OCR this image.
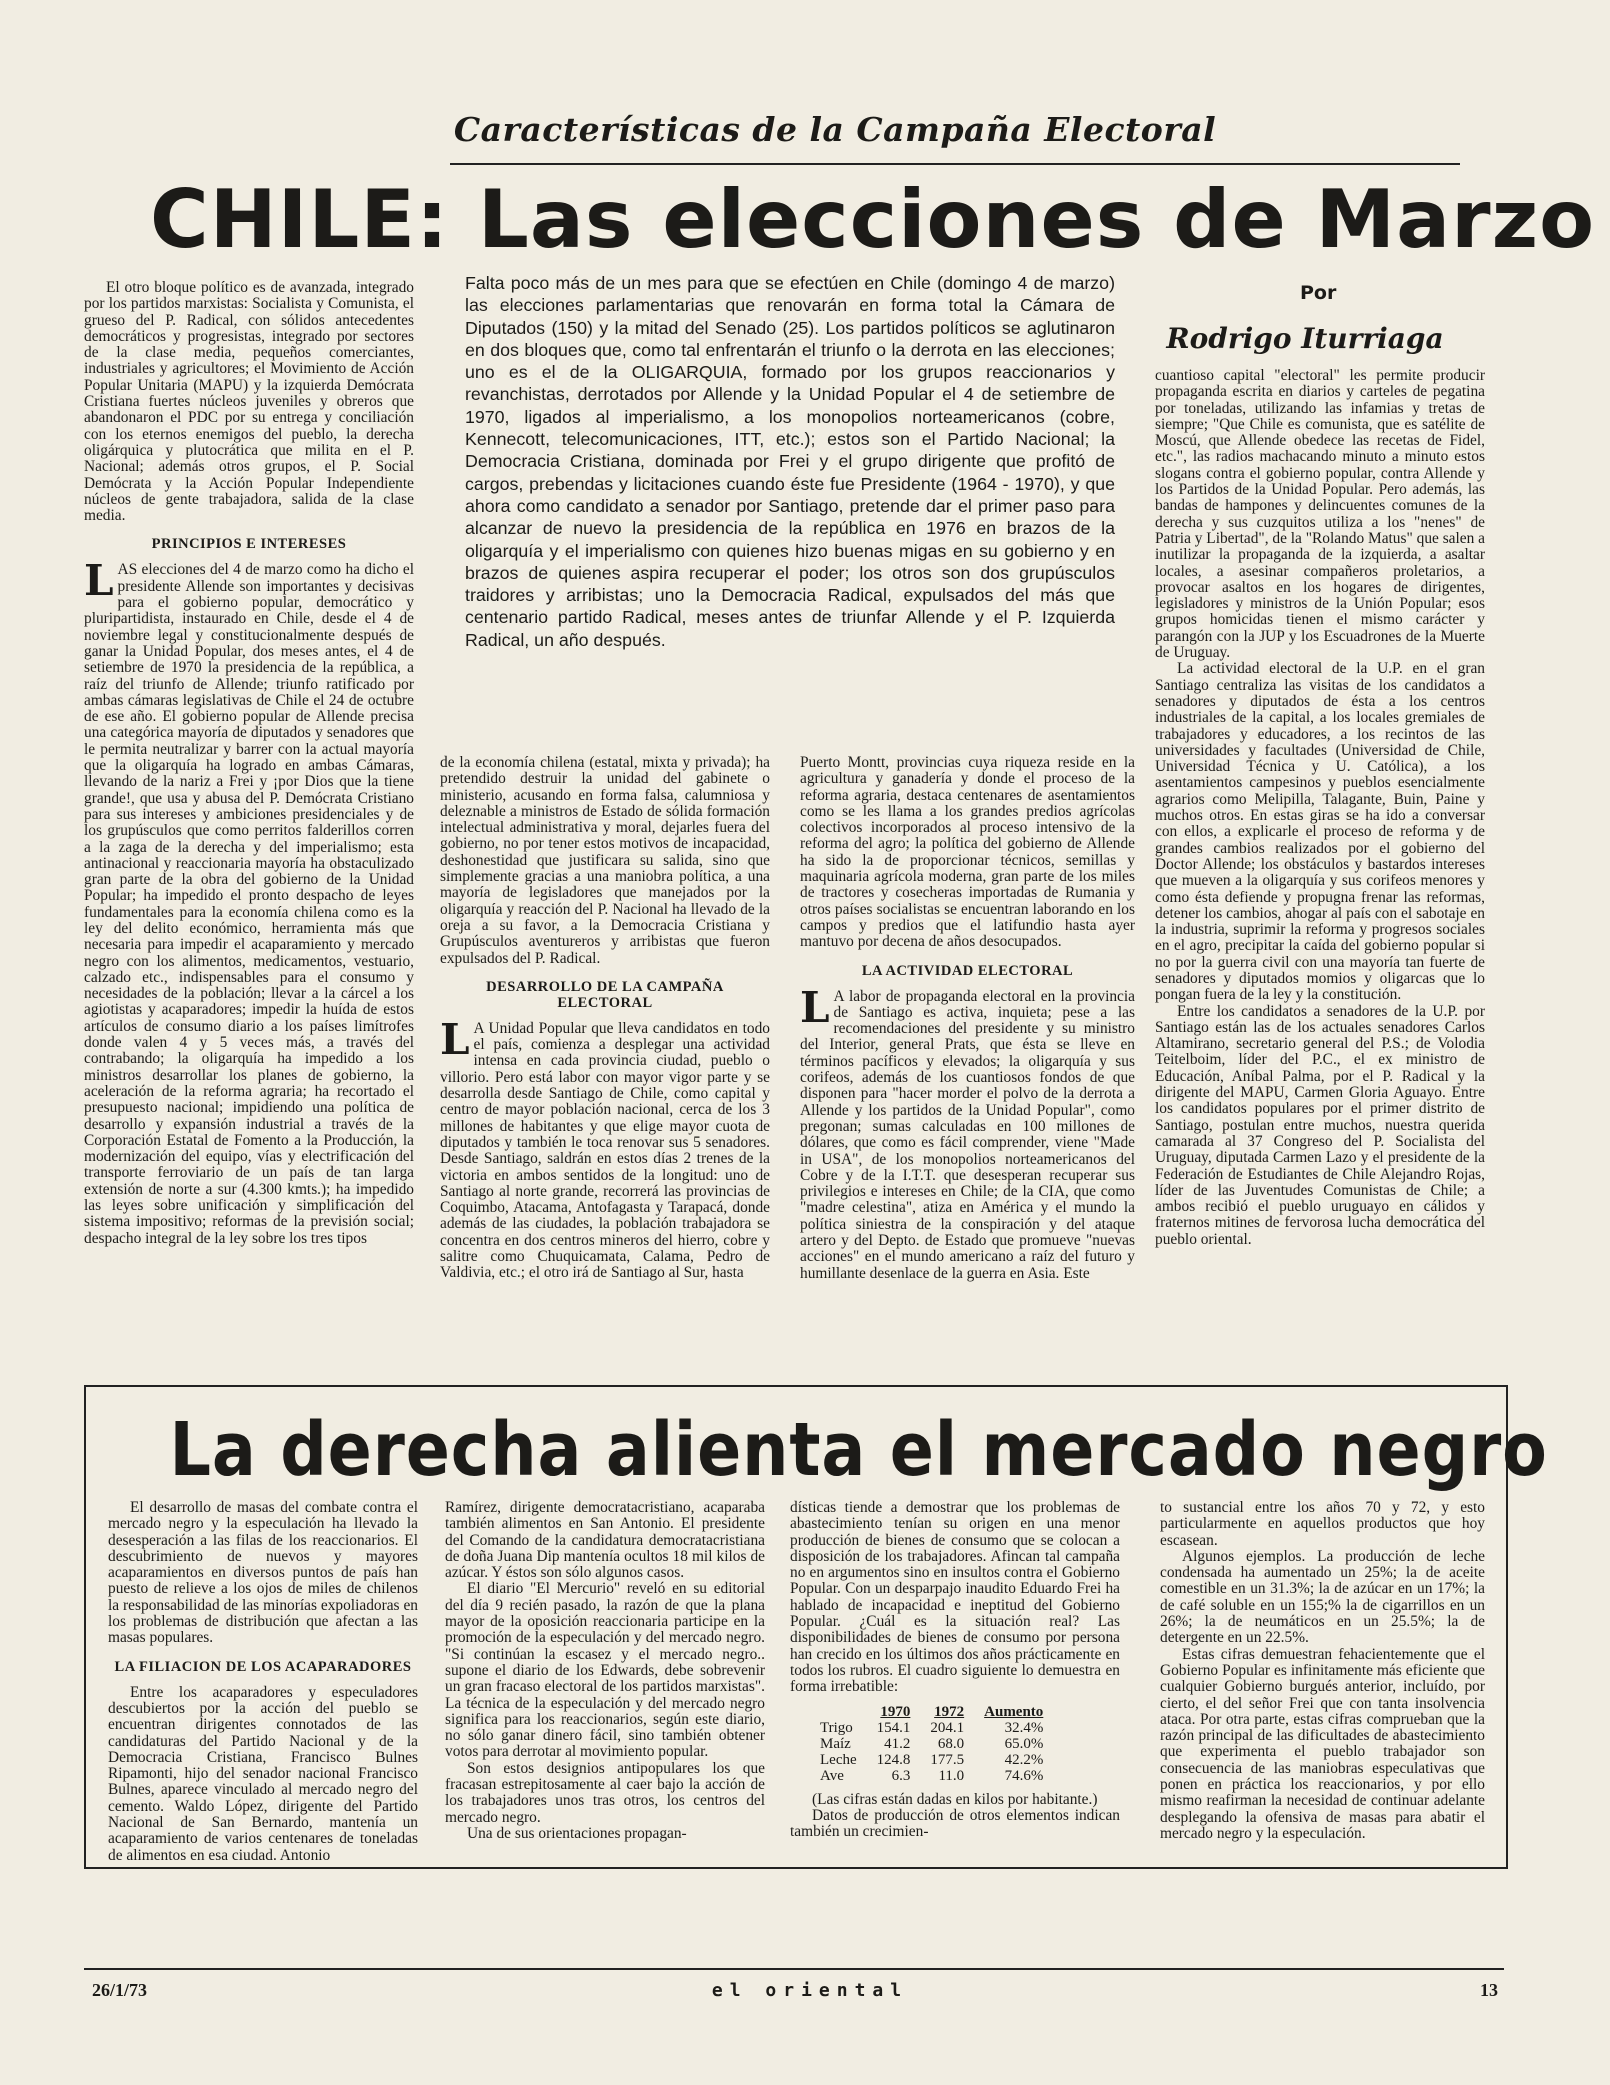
Características de la Campaña Electoral
CHILE: Las elecciones de Marzo
Por
Rodrigo Iturriaga
Falta poco más de un mes para que se efectúen en Chile (domingo 4 de marzo) las elecciones parlamentarias que renovarán en forma total la Cámara de Diputados (150) y la mitad del Senado (25). Los partidos políticos se aglutinaron en dos bloques que, como tal enfrentarán el triunfo o la derrota en las elecciones; uno es el de la OLIGARQUIA, formado por los grupos reaccionarios y revanchistas, derrotados por Allende y la Unidad Popular el 4 de setiembre de 1970, ligados al imperialismo, a los monopolios norteamericanos (cobre, Kennecott, telecomunicaciones, ITT, etc.); estos son el Partido Nacional; la Democracia Cristiana, dominada por Frei y el grupo dirigente que profitó de cargos, prebendas y licitaciones cuando éste fue Presidente (1964 - 1970), y que ahora como candidato a senador por Santiago, pretende dar el primer paso para alcanzar de nuevo la presidencia de la república en 1976 en brazos de la oligarquía y el imperialismo con quienes hizo buenas migas en su gobierno y en brazos de quienes aspira recuperar el poder; los otros son dos grupúsculos traidores y arribistas; uno la Democracia Radical, expulsados del más que centenario partido Radical, meses antes de triunfar Allende y el P. Izquierda Radical, un año después.

El otro bloque político es de avanzada, integrado por los partidos marxistas: Socialista y Comunista, el grueso del P. Radical, con sólidos antecedentes democráticos y progresistas, integrado por sectores de la clase media, pequeños comerciantes, industriales y agricultores; el Movimiento de Acción Popular Unitaria (MAPU) y la izquierda Demócrata Cristiana fuertes núcleos juveniles y obreros que abandonaron el PDC por su entrega y conciliación con los eternos enemigos del pueblo, la derecha oligárquica y plutocrática que milita en el P. Nacional; además otros grupos, el P. Social Demócrata y la Acción Popular Independiente núcleos de gente trabajadora, salida de la clase media.

PRINCIPIOS E INTERESES

LAS elecciones del 4 de marzo como ha dicho el presidente Allende son importantes y decisivas para el gobierno popular, democrático y pluripartidista, instaurado en Chile, desde el 4 de noviembre legal y constitucionalmente después de ganar la Unidad Popular, dos meses antes, el 4 de setiembre de 1970 la presidencia de la república, a raíz del triunfo de Allende; triunfo ratificado por ambas cámaras legislativas de Chile el 24 de octubre de ese año. El gobierno popular de Allende precisa una categórica mayoría de diputados y senadores que le permita neutralizar y barrer con la actual mayoría que la oligarquía ha logrado en ambas Cámaras, llevando de la nariz a Frei y ¡por Dios que la tiene grande!, que usa y abusa del P. Demócrata Cristiano para sus intereses y ambiciones presidenciales y de los grupúsculos que como perritos falderillos corren a la zaga de la derecha y del imperialismo; esta antinacional y reaccionaria mayoría ha obstaculizado gran parte de la obra del gobierno de la Unidad Popular; ha impedido el pronto despacho de leyes fundamentales para la economía chilena como es la ley del delito económico, herramienta más que necesaria para impedir el acaparamiento y mercado negro con los alimentos, medicamentos, vestuario, calzado etc., indispensables para el consumo y necesidades de la población; llevar a la cárcel a los agiotistas y acaparadores; impedir la huída de estos artículos de consumo diario a los países limítrofes donde valen 4 y 5 veces más, a través del contrabando; la oligarquía ha impedido a los ministros desarrollar los planes de gobierno, la aceleración de la reforma agraria; ha recortado el presupuesto nacional; impidiendo una política de desarrollo y expansión industrial a través de la Corporación Estatal de Fomento a la Producción, la modernización del equipo, vías y electrificación del transporte ferroviario de un país de tan larga extensión de norte a sur (4.300 kmts.); ha impedido las leyes sobre unificación y simplificación del sistema impositivo; reformas de la previsión social; despacho integral de la ley sobre los tres tipos

de la economía chilena (estatal, mixta y privada); ha pretendido destruir la unidad del gabinete o ministerio, acusando en forma falsa, calumniosa y deleznable a ministros de Estado de sólida formación intelectual administrativa y moral, dejarles fuera del gobierno, no por tener estos motivos de incapacidad, deshonestidad que justificara su salida, sino que simplemente gracias a una maniobra política, a una mayoría de legisladores que manejados por la oligarquía y reacción del P. Nacional ha llevado de la oreja a su favor, a la Democracia Cristiana y Grupúsculos aventureros y arribistas que fueron expulsados del P. Radical.

DESARROLLO DE LA CAMPAÑA ELECTORAL

L A Unidad Popular que lleva candidatos en todo el país, comienza a desplegar una actividad intensa en cada provincia ciudad, pueblo o villorio. Pero está labor con mayor vigor parte y se desarrolla desde Santiago de Chile, como capital y centro de mayor población nacional, cerca de los 3 millones de habitantes y que elige mayor cuota de diputados y también le toca renovar sus 5 senadores. Desde Santiago, saldrán en estos días 2 trenes de la victoria en ambos sentidos de la longitud: uno de Santiago al norte grande, recorrerá las provincias de Coquimbo, Atacama, Antofagasta y Tarapacá, donde además de las ciudades, la población trabajadora se concentra en dos centros mineros del hierro, cobre y salitre como Chuquicamata, Calama, Pedro de Valdivia, etc.; el otro irá de Santiago al Sur, hasta

Puerto Montt, provincias cuya riqueza reside en la agricultura y ganadería y donde el proceso de la reforma agraria, destaca centenares de asentamientos como se les llama a los grandes predios agrícolas colectivos incorporados al proceso intensivo de la reforma del agro; la política del gobierno de Allende ha sido la de proporcionar técnicos, semillas y maquinaria agrícola moderna, gran parte de los miles de tractores y cosecheras importadas de Rumania y otros países socialistas se encuentran laborando en los campos y predios que el latifundio hasta ayer mantuvo por decena de años desocupados.

LA ACTIVIDAD ELECTORAL

L A labor de propaganda electoral en la provincia de Santiago es activa, inquieta; pese a las recomendaciones del presidente y su ministro del Interior, general Prats, que ésta se lleve en términos pacíficos y elevados; la oligarquía y sus corifeos, además de los cuantiosos fondos de que disponen para "hacer morder el polvo de la derrota a Allende y los partidos de la Unidad Popular", como pregonan; sumas calculadas en 100 millones de dólares, que como es fácil comprender, viene "Made in USA", de los monopolios norteamericanos del Cobre y de la I.T.T. que desesperan recuperar sus privilegios e intereses en Chile; de la CIA, que como "madre celestina", atiza en América y el mundo la política siniestra de la conspiración y del ataque artero y del Depto. de Estado que promueve "nuevas acciones" en el mundo americano a raíz del futuro y humillante desenlace de la guerra en Asia. Este

cuantioso capital "electoral" les permite producir propaganda escrita en diarios y carteles de pegatina por toneladas, utilizando las infamias y tretas de siempre; "Que Chile es comunista, que es satélite de Moscú, que Allende obedece las recetas de Fidel, etc.", las radios machacando minuto a minuto estos slogans contra el gobierno popular, contra Allende y los Partidos de la Unidad Popular. Pero además, las bandas de hampones y delincuentes comunes de la derecha y sus cuzquitos utiliza a los "nenes" de Patria y Libertad", de la "Rolando Matus" que salen a inutilizar la propaganda de la izquierda, a asaltar locales, a asesinar compañeros proletarios, a provocar asaltos en los hogares de dirigentes, legisladores y ministros de la Unión Popular; esos grupos homicidas tienen el mismo carácter y parangón con la JUP y los Escuadrones de la Muerte de Uruguay.

La actividad electoral de la U.P. en el gran Santiago centraliza las visitas de los candidatos a senadores y diputados de ésta a los centros industriales de la capital, a los locales gremiales de trabajadores y educadores, a los recintos de las universidades y facultades (Universidad de Chile, Universidad Técnica y U. Católica), a los asentamientos campesinos y pueblos esencialmente agrarios como Melipilla, Talagante, Buin, Paine y muchos otros. En estas giras se ha ido a conversar con ellos, a explicarle el proceso de reforma y de grandes cambios realizados por el gobierno del Doctor Allende; los obstáculos y bastardos intereses que mueven a la oligarquía y sus corifeos menores y como ésta defiende y propugna frenar las reformas, detener los cambios, ahogar al país con el sabotaje en la industria, suprimir la reforma y progresos sociales en el agro, precipitar la caída del gobierno popular si no por la guerra civil con una mayoría tan fuerte de senadores y diputados momios y oligarcas que lo pongan fuera de la ley y la constitución.

Entre los candidatos a senadores de la U.P. por Santiago están las de los actuales senadores Carlos Altamirano, secretario general del P.S.; de Volodia Teitelboim, líder del P.C., el ex ministro de Educación, Aníbal Palma, por el P. Radical y la dirigente del MAPU, Carmen Gloria Aguayo. Entre los candidatos populares por el primer distrito de Santiago, postulan entre muchos, nuestra querida camarada al 37 Congreso del P. Socialista del Uruguay, diputada Carmen Lazo y el presidente de la Federación de Estudiantes de Chile Alejandro Rojas, líder de las Juventudes Comunistas de Chile; a ambos recibió el pueblo uruguayo en cálidos y fraternos mitines de fervorosa lucha democrática del pueblo oriental.

La derecha alienta el mercado negro

El desarrollo de masas del combate contra el mercado negro y la especulación ha llevado la desesperación a las filas de los reaccionarios. El descubrimiento de nuevos y mayores acaparamientos en diversos puntos de país han puesto de relieve a los ojos de miles de chilenos la responsabilidad de las minorías expoliadoras en los problemas de distribución que afectan a las masas populares.

LA FILIACION DE LOS ACAPARADORES

Entre los acaparadores y especuladores descubiertos por la acción del pueblo se encuentran dirigentes connotados de las candidaturas del Partido Nacional y de la Democracia Cristiana, Francisco Bulnes Ripamonti, hijo del senador nacional Francisco Bulnes, aparece vinculado al mercado negro del cemento. Waldo López, dirigente del Partido Nacional de San Bernardo, mantenía un acaparamiento de varios centenares de toneladas de alimentos en esa ciudad. Antonio

Ramírez, dirigente democratacristiano, acaparaba también alimentos en San Antonio. El presidente del Comando de la candidatura democratacristiana de doña Juana Dip mantenía ocultos 18 mil kilos de azúcar. Y éstos son sólo algunos casos.

El diario "El Mercurio" reveló en su editorial del día 9 recién pasado, la razón de que la plana mayor de la oposición reaccionaria participe en la promoción de la especulación y del mercado negro. "Si continúan la escasez y el mercado negro.. supone el diario de los Edwards, debe sobrevenir un gran fracaso electoral de los partidos marxistas". La técnica de la especulación y del mercado negro significa para los reaccionarios, según este diario, no sólo ganar dinero fácil, sino también obtener votos para derrotar al movimiento popular.

Son estos designios antipopulares los que fracasan estrepitosamente al caer bajo la acción de los trabajadores unos tras otros, los centros del mercado negro.

Una de sus orientaciones propagan-

dísticas tiende a demostrar que los problemas de abastecimiento tenían su origen en una menor producción de bienes de consumo que se colocan a disposición de los trabajadores. Afincan tal campaña no en argumentos sino en insultos contra el Gobierno Popular. Con un desparpajo inaudito Eduardo Frei ha hablado de incapacidad e ineptitud del Gobierno Popular. ¿Cuál es la situación real? Las disponibilidades de bienes de consumo por persona han crecido en los últimos dos años prácticamente en todos los rubros. El cuadro siguiente lo demuestra en forma irrebatible:

	1970	1972	Aumento
Trigo	154.1	204.1	32.4%
Maíz	41.2	68.0	65.0%
Leche	124.8	177.5	42.2%
Ave	6.3	11.0	74.6%

(Las cifras están dadas en kilos por habitante.)

Datos de producción de otros elementos indican también un crecimien-

to sustancial entre los años 70 y 72, y esto particularmente en aquellos productos que hoy escasean.

Algunos ejemplos. La producción de leche condensada ha aumentado un 25%; la de aceite comestible en un 31.3%; la de azúcar en un 17%; la de café soluble en un 155;% la de cigarrillos en un 26%; la de neumáticos en un 25.5%; la de detergente en un 22.5%.

Estas cifras demuestran fehacientemente que el Gobierno Popular es infinitamente más eficiente que cualquier Gobierno burgués anterior, incluído, por cierto, el del señor Frei que con tanta insolvencia ataca. Por otra parte, estas cifras comprueban que la razón principal de las dificultades de abastecimiento que experimenta el pueblo trabajador son consecuencia de las maniobras especulativas que ponen en práctica los reaccionarios, y por ello mismo reafirman la necesidad de continuar adelante desplegando la ofensiva de masas para abatir el mercado negro y la especulación.

26/1/73	el oriental	13
